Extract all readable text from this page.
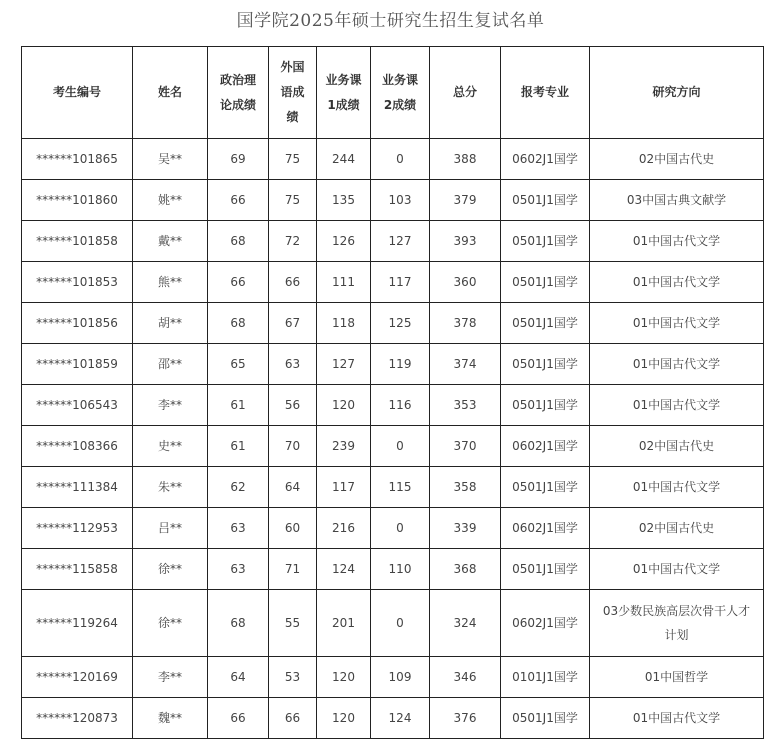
国学院2025年硕士研究生招生复试名单
考生编号	姓名	政治理论成绩	外国语成绩	业务课1成绩	业务课2成绩	总分	报考专业	研究方向
******101865	吴**	69	75	244	0	388	0602J1国学	02中国古代史

******101860	姚**	66	75	135	103	379	0501J1国学	03中国古典文献学

******101858	戴**	68	72	126	127	393	0501J1国学	01中国古代文学

******101853	熊**	66	66	111	117	360	0501J1国学	01中国古代文学

******101856	胡**	68	67	118	125	378	0501J1国学	01中国古代文学

******101859	邵**	65	63	127	119	374	0501J1国学	01中国古代文学

******106543	李**	61	56	120	116	353	0501J1国学	01中国古代文学

******108366	史**	61	70	239	0	370	0602J1国学	02中国古代史

******111384	朱**	62	64	117	115	358	0501J1国学	01中国古代文学

******112953	吕**	63	60	216	0	339	0602J1国学	02中国古代史

******115858	徐**	63	71	124	110	368	0501J1国学	01中国古代文学

******119264	徐**	68	55	201	0	324	0602J1国学	03少数民族高层次骨干人才计划

******120169	李**	64	53	120	109	346	0101J1国学	01中国哲学

******120873	魏**	66	66	120	124	376	0501J1国学	01中国古代文学
